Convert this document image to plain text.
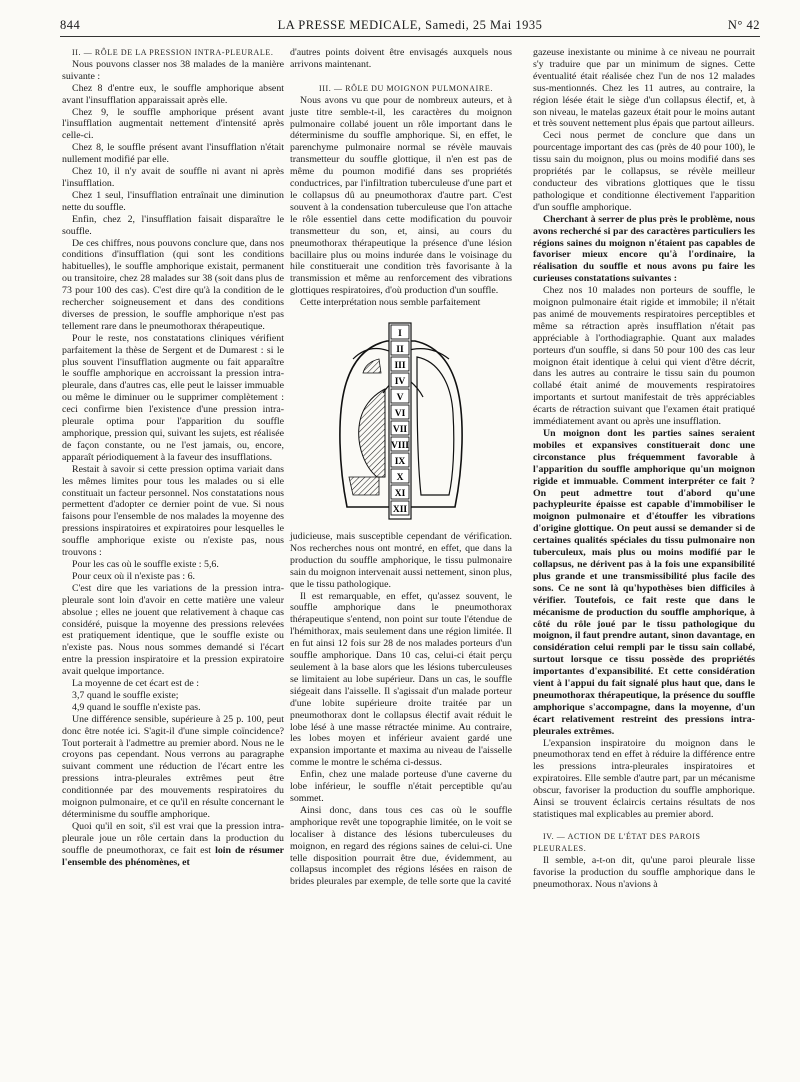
844	LA PRESSE MEDICALE, Samedi, 25 Mai 1935	N° 42

II. — RÔLE DE LA PRESSION INTRA-PLEURALE.

Nous pouvons classer nos 38 malades de la manière suivante :

Chez 8 d'entre eux, le souffle amphorique absent avant l'insufflation apparaissait après elle.

Chez 9, le souffle amphorique présent avant l'insufflation augmentait nettement d'intensité après celle-ci.

Chez 8, le souffle présent avant l'insufflation n'était nullement modifié par elle.

Chez 10, il n'y avait de souffle ni avant ni après l'insufflation.

Chez 1 seul, l'insufflation entraînait une diminution nette du souffle.

Enfin, chez 2, l'insufflation faisait disparaître le souffle.

De ces chiffres, nous pouvons conclure que, dans nos conditions d'insufflation (qui sont les conditions habituelles), le souffle amphorique existait, permanent ou transitoire, chez 28 malades sur 38 (soit dans plus de 73 pour 100 des cas). C'est dire qu'à la condition de le rechercher soigneusement et dans des conditions diverses de pression, le souffle amphorique n'est pas tellement rare dans le pneumothorax thérapeutique.

Pour le reste, nos constatations cliniques vérifient parfaitement la thèse de Sergent et de Dumarest : si le plus souvent l'insufflation augmente ou fait apparaître le souffle amphorique en accroissant la pression intra-pleurale, dans d'autres cas, elle peut le laisser immuable ou même le diminuer ou le supprimer complètement : ceci confirme bien l'existence d'une pression intra-pleurale optima pour l'apparition du souffle amphorique, pression qui, suivant les sujets, est réalisée de façon constante, ou ne l'est jamais, ou, encore, apparaît périodiquement à la faveur des insufflations.

Restait à savoir si cette pression optima variait dans les mêmes limites pour tous les malades ou si elle constituait un facteur personnel. Nos constatations nous permettent d'adopter ce dernier point de vue. Si nous faisons pour l'ensemble de nos malades la moyenne des pressions inspiratoires et expiratoires pour lesquelles le souffle amphorique existe ou n'existe pas, nous trouvons :

Pour les cas où le souffle existe : 5,6.

Pour ceux où il n'existe pas : 6.

C'est dire que les variations de la pression intra-pleurale sont loin d'avoir en cette matière une valeur absolue ; elles ne jouent que relativement à chaque cas considéré, puisque la moyenne des pressions relevées est pratiquement identique, que le souffle existe ou n'existe pas. Nous nous sommes demandé si l'écart entre la pression inspiratoire et la pression expiratoire avait quelque importance.

La moyenne de cet écart est de :

3,7 quand le souffle existe;

4,9 quand le souffle n'existe pas.

Une différence sensible, supérieure à 25 p. 100, peut donc être notée ici. S'agit-il d'une simple coïncidence? Tout porterait à l'admettre au premier abord. Nous ne le croyons pas cependant. Nous verrons au paragraphe suivant comment une réduction de l'écart entre les pressions intra-pleurales extrêmes peut être conditionnée par des mouvements respiratoires du moignon pulmonaire, et ce qu'il en résulte concernant le déterminisme du souffle amphorique.

Quoi qu'il en soit, s'il est vrai que la pression intra-pleurale joue un rôle certain dans la production du souffle de pneumothorax, ce fait est loin de résumer l'ensemble des phénomènes, et

d'autres points doivent être envisagés auxquels nous arrivons maintenant.

III. — RÔLE DU MOIGNON PULMONAIRE.

Nous avons vu que pour de nombreux auteurs, et à juste titre semble-t-il, les caractères du moignon pulmonaire collabé jouent un rôle important dans le déterminisme du souffle amphorique. Si, en effet, le parenchyme pulmonaire normal se révèle mauvais transmetteur du souffle glottique, il n'en est pas de même du poumon modifié dans ses propriétés conductrices, par l'infiltration tuberculeuse d'une part et le collapsus dû au pneumothorax d'autre part. C'est souvent à la condensation tuberculeuse que l'on attache le rôle essentiel dans cette modification du pouvoir transmetteur du son, et, ainsi, au cours du pneumothorax thérapeutique la présence d'une lésion bacillaire plus ou moins indurée dans le voisinage du hile constituerait une condition très favorisante à la transmission et même au renforcement des vibrations glottiques respiratoires, d'où production d'un souffle.

Cette interprétation nous semble parfaitement

I
II
III
IV
V
VI
VII
VIII
IX
X
XI
XII

judicieuse, mais susceptible cependant de vérification. Nos recherches nous ont montré, en effet, que dans la production du souffle amphorique, le tissu pulmonaire sain du moignon intervenait aussi nettement, sinon plus, que le tissu pathologique.

Il est remarquable, en effet, qu'assez souvent, le souffle amphorique dans le pneumothorax thérapeutique s'entend, non point sur toute l'étendue de l'hémithorax, mais seulement dans une région limitée. Il en fut ainsi 12 fois sur 28 de nos malades porteurs d'un souffle amphorique. Dans 10 cas, celui-ci était perçu seulement à la base alors que les lésions tuberculeuses se limitaient au lobe supérieur. Dans un cas, le souffle siégeait dans l'aisselle. Il s'agissait d'un malade porteur d'une lobite supérieure droite traitée par un pneumothorax dont le collapsus électif avait réduit le lobe lésé à une masse rétractée minime. Au contraire, les lobes moyen et inférieur avaient gardé une expansion importante et maxima au niveau de l'aisselle comme le montre le schéma ci-dessus.

Enfin, chez une malade porteuse d'une caverne du lobe inférieur, le souffle n'était perceptible qu'au sommet.

Ainsi donc, dans tous ces cas où le souffle amphorique revêt une topographie limitée, on le voit se localiser à distance des lésions tuberculeuses du moignon, en regard des régions saines de celui-ci. Une telle disposition pourrait être due, évidemment, au collapsus incomplet des régions lésées en raison de brides pleurales par exemple, de telle sorte que la cavité

gazeuse inexistante ou minime à ce niveau ne pourrait s'y traduire que par un minimum de signes. Cette éventualité était réalisée chez l'un de nos 12 malades sus-mentionnés. Chez les 11 autres, au contraire, la région lésée était le siège d'un collapsus électif, et, à son niveau, le matelas gazeux était pour le moins autant et très souvent nettement plus épais que partout ailleurs.

Ceci nous permet de conclure que dans un pourcentage important des cas (près de 40 pour 100), le tissu sain du moignon, plus ou moins modifié dans ses propriétés par le collapsus, se révèle meilleur conducteur des vibrations glottiques que le tissu pathologique et conditionne électivement l'apparition d'un souffle amphorique.

Cherchant à serrer de plus près le problème, nous avons recherché si par des caractères particuliers les régions saines du moignon n'étaient pas capables de favoriser mieux encore qu'à l'ordinaire, la réalisation du souffle et nous avons pu faire les curieuses constatations suivantes :

Chez nos 10 malades non porteurs de souffle, le moignon pulmonaire était rigide et immobile; il n'était pas animé de mouvements respiratoires perceptibles et même sa rétraction après insufflation n'était pas appréciable à l'orthodiagraphie. Quant aux malades porteurs d'un souffle, si dans 50 pour 100 des cas leur moignon était identique à celui qui vient d'être décrit, dans les autres au contraire le tissu sain du poumon collabé était animé de mouvements respiratoires importants et surtout manifestait de très appréciables écarts de rétraction suivant que l'examen était pratiqué immédiatement avant ou après une insufflation.

Un moignon dont les parties saines seraient mobiles et expansives constituerait donc une circonstance plus fréquemment favorable à l'apparition du souffle amphorique qu'un moignon rigide et immuable. Comment interpréter ce fait ? On peut admettre tout d'abord qu'une pachypleurite épaisse est capable d'immobiliser le moignon pulmonaire et d'étouffer les vibrations d'origine glottique. On peut aussi se demander si de certaines qualités spéciales du tissu pulmonaire non tuberculeux, mais plus ou moins modifié par le collapsus, ne dérivent pas à la fois une expansibilité plus grande et une transmissibilité plus facile des sons. Ce ne sont là qu'hypothèses bien difficiles à vérifier. Toutefois, ce fait reste que dans le mécanisme de production du souffle amphorique, à côté du rôle joué par le tissu pathologique du moignon, il faut prendre autant, sinon davantage, en considération celui rempli par le tissu sain collabé, surtout lorsque ce tissu possède des propriétés importantes d'expansibilité. Et cette considération vient à l'appui du fait signalé plus haut que, dans le pneumothorax thérapeutique, la présence du souffle amphorique s'accompagne, dans la moyenne, d'un écart relativement restreint des pressions intra-pleurales extrêmes.

L'expansion inspiratoire du moignon dans le pneumothorax tend en effet à réduire la différence entre les pressions intra-pleurales inspiratoires et expiratoires. Elle semble d'autre part, par un mécanisme obscur, favoriser la production du souffle amphorique. Ainsi se trouvent éclaircis certains résultats de nos statistiques mal explicables au premier abord.

IV. — ACTION DE L'ÉTAT DES PAROIS PLEURALES.

Il semble, a-t-on dit, qu'une paroi pleurale lisse favorise la production du souffle amphorique dans le pneumothorax. Nous n'avions à
